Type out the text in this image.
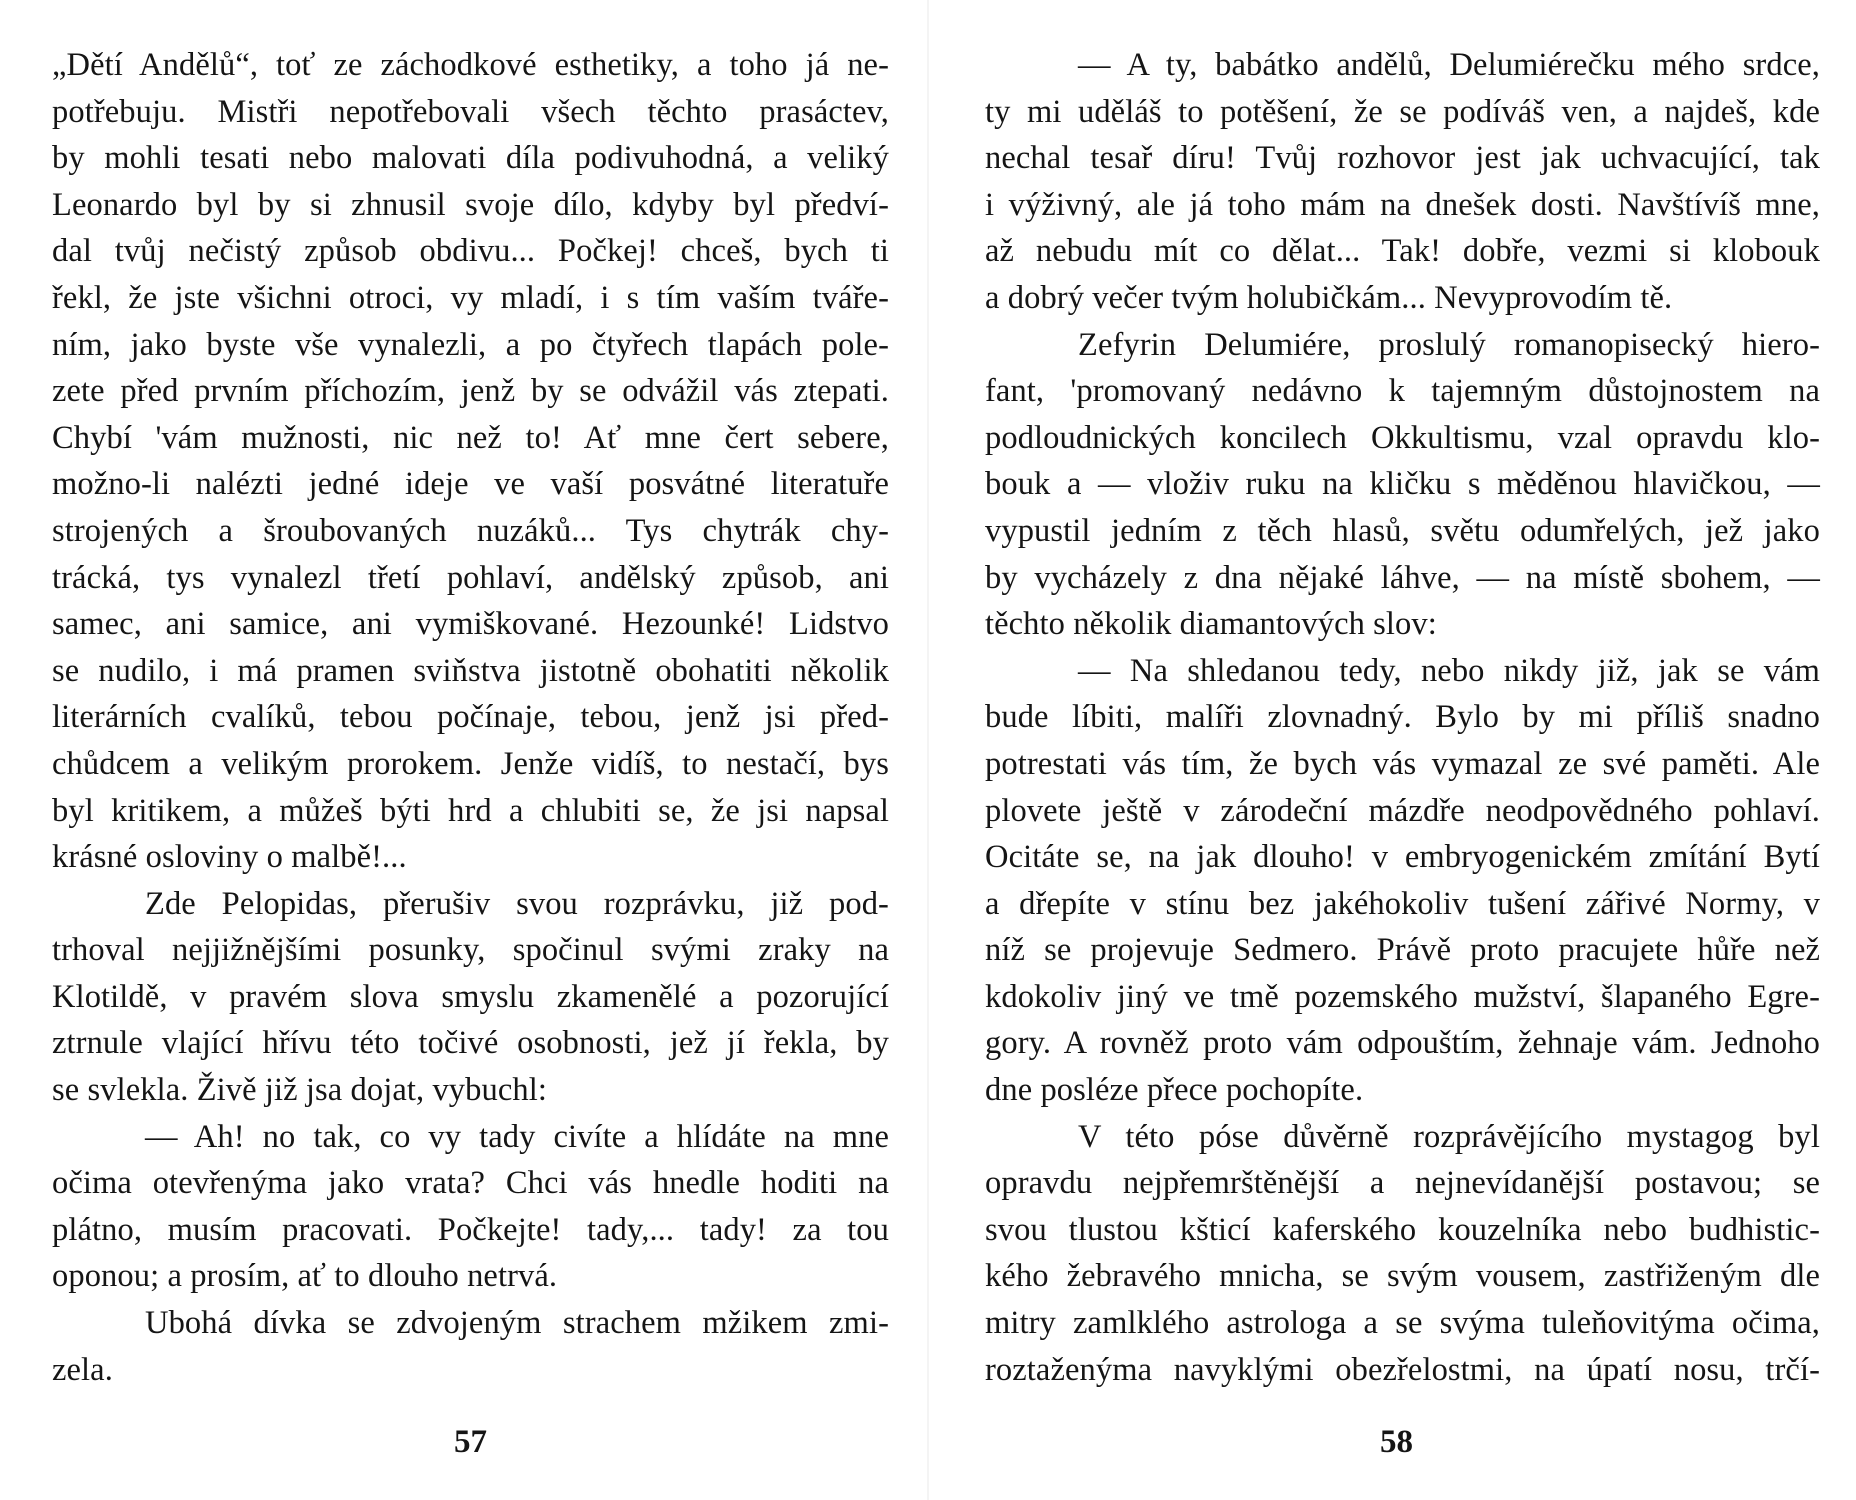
„Dětí Andělů“, toť ze záchodkové esthetiky, a toho já ne-
potřebuju. Mistři nepotřebovali všech těchto prasáctev,
by mohli tesati nebo malovati díla podivuhodná, a veliký
Leonardo byl by si zhnusil svoje dílo, kdyby byl předví-
dal tvůj nečistý způsob obdivu... Počkej! chceš, bych ti
řekl, že jste všichni otroci, vy mladí, i s tím vaším tváře-
ním, jako byste vše vynalezli, a po čtyřech tlapách pole-
zete před prvním příchozím, jenž by se odvážil vás ztepati.
Chybí 'vám mužnosti, nic než to! Ať mne čert sebere,
možno-li nalézti jedné ideje ve vaší posvátné literatuře
strojených a šroubovaných nuzáků... Tys chytrák chy-
trácká, tys vynalezl třetí pohlaví, andělský způsob, ani
samec, ani samice, ani vymiškované. Hezounké! Lidstvo
se nudilo, i má pramen sviňstva jistotně obohatiti několik
literárních cvalíků, tebou počínaje, tebou, jenž jsi před-
chůdcem a velikým prorokem. Jenže vidíš, to nestačí, bys
byl kritikem, a můžeš býti hrd a chlubiti se, že jsi napsal
krásné osloviny o malbě!...
Zde Pelopidas, přerušiv svou rozprávku, již pod-
trhoval nejjižnějšími posunky, spočinul svými zraky na
Klotildě, v pravém slova smyslu zkamenělé a pozorující
ztrnule vlající hřívu této točivé osobnosti, jež jí řekla, by
se svlekla. Živě již jsa dojat, vybuchl:
— Ah! no tak, co vy tady civíte a hlídáte na mne
očima otevřenýma jako vrata? Chci vás hnedle hoditi na
plátno, musím pracovati. Počkejte! tady,... tady! za tou
oponou; a prosím, ať to dlouho netrvá.
Ubohá dívka se zdvojeným strachem mžikem zmi-
zela.
57
— A ty, babátko andělů, Delumiérečku mého srdce,
ty mi uděláš to potěšení, že se podíváš ven, a najdeš, kde
nechal tesař díru! Tvůj rozhovor jest jak uchvacující, tak
i výživný, ale já toho mám na dnešek dosti. Navštívíš mne,
až nebudu mít co dělat... Tak! dobře, vezmi si klobouk
a dobrý večer tvým holubičkám... Nevyprovodím tě.
Zefyrin Delumiére, proslulý romanopisecký hiero-
fant, 'promovaný nedávno k tajemným důstojnostem na
podloudnických koncilech Okkultismu, vzal opravdu klo-
bouk a — vloživ ruku na kličku s měděnou hlavičkou, —
vypustil jedním z těch hlasů, světu odumřelých, jež jako
by vycházely z dna nějaké láhve, — na místě sbohem, —
těchto několik diamantových slov:
— Na shledanou tedy, nebo nikdy již, jak se vám
bude líbiti, malíři zlovnadný. Bylo by mi příliš snadno
potrestati vás tím, že bych vás vymazal ze své paměti. Ale
plovete ještě v zárodeční mázdře neodpovědného pohlaví.
Ocitáte se, na jak dlouho! v embryogenickém zmítání Bytí
a dřepíte v stínu bez jakéhokoliv tušení zářivé Normy, v
níž se projevuje Sedmero. Právě proto pracujete hůře než
kdokoliv jiný ve tmě pozemského mužství, šlapaného Egre-
gory. A rovněž proto vám odpouštím, žehnaje vám. Jednoho
dne posléze přece pochopíte.
V této póse důvěrně rozprávějícího mystagog byl
opravdu nejpřemrštěnější a nejnevídanější postavou; se
svou tlustou kšticí kaferského kouzelníka nebo budhistic-
kého žebravého mnicha, se svým vousem, zastřiženým dle
mitry zamlklého astrologa a se svýma tuleňovitýma očima,
roztaženýma navyklými obezřelostmi, na úpatí nosu, trčí-
58
